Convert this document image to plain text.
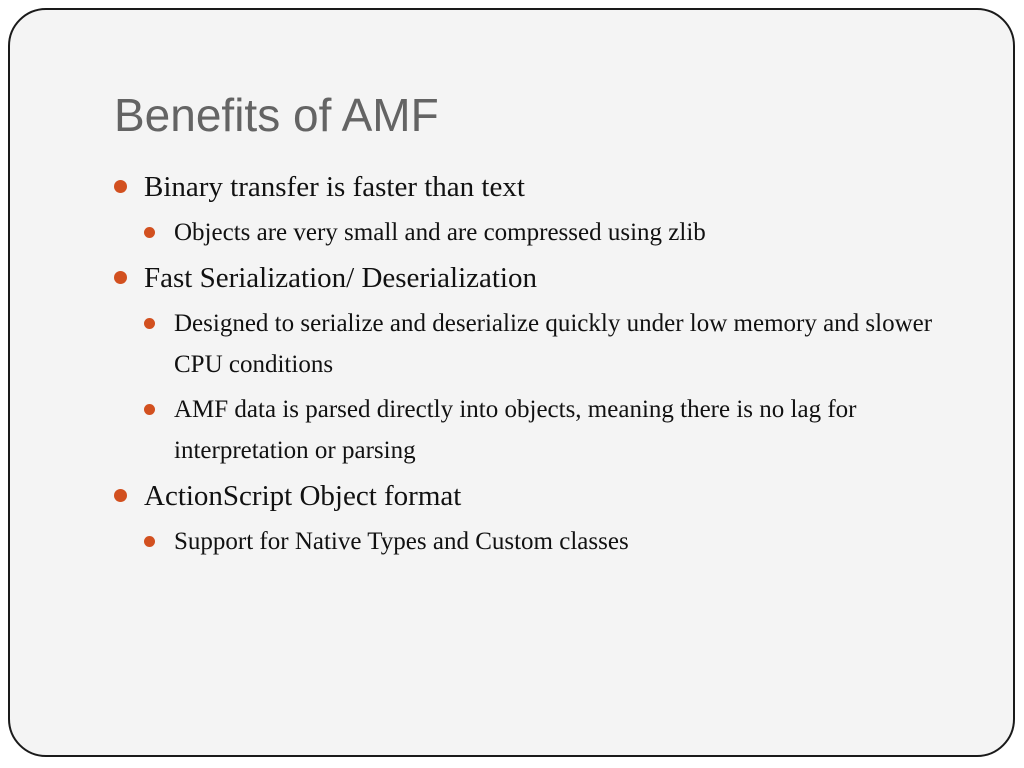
Benefits of AMF
Binary transfer is faster than text
Objects are very small and are compressed using zlib
Fast Serialization/ Deserialization
Designed to serialize and deserialize quickly under low memory and slower CPU conditions
AMF data is parsed directly into objects, meaning there is no lag for interpretation or parsing
ActionScript Object format
Support for Native Types and Custom classes
